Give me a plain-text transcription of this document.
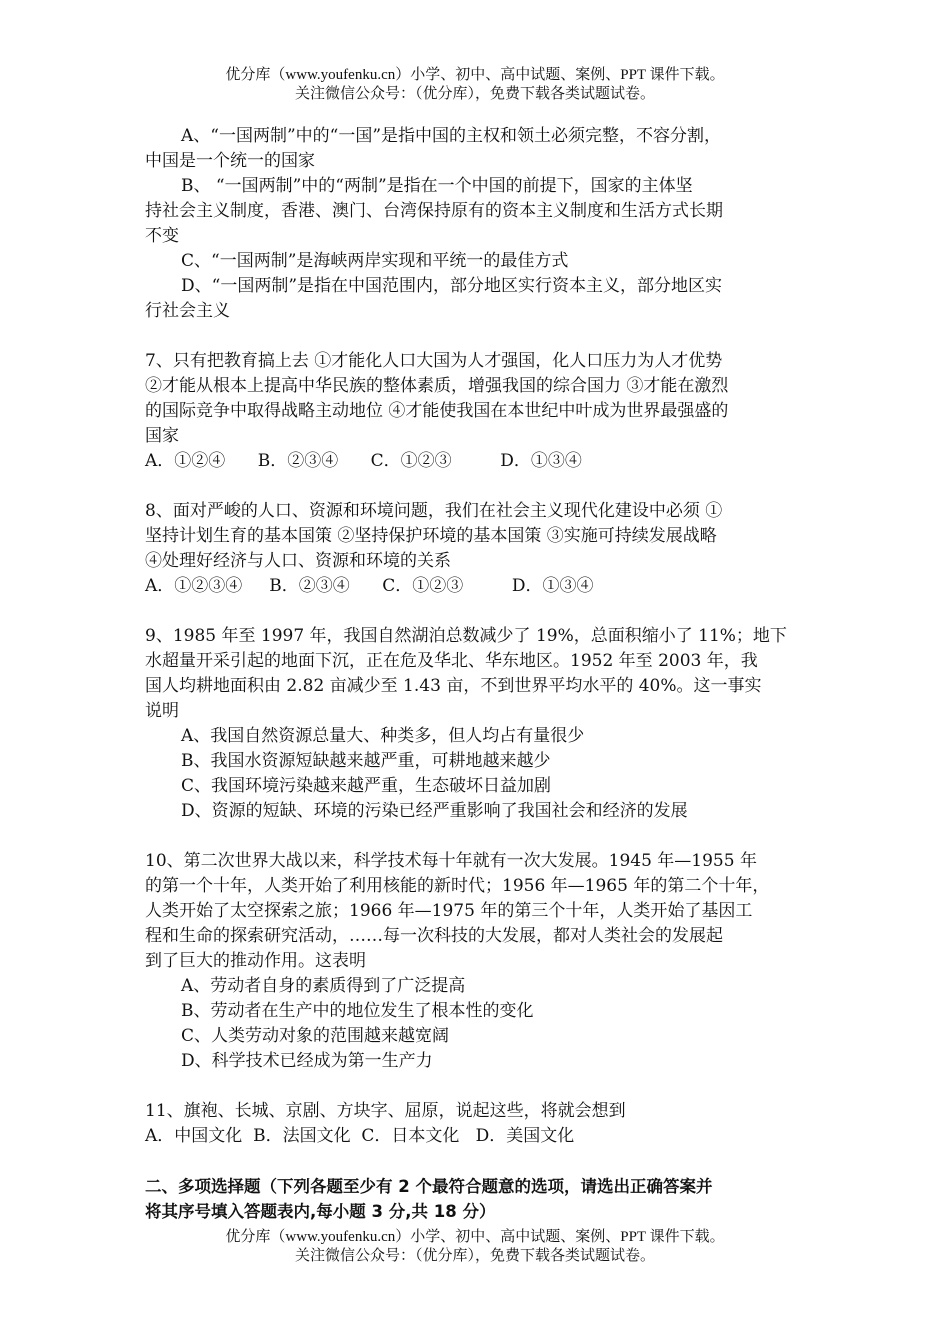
优分库（www.youfenku.cn）小学、初中、高中试题、案例、PPT 课件下载。
关注微信公众号：（优分库），免费下载各类试题试卷。

A、“一国两制”中的“一国”是指中国的主权和领土必须完整，不容分割，

中国是一个统一的国家

B、 “一国两制”中的“两制”是指在一个中国的前提下，国家的主体坚

持社会主义制度，香港、澳门、台湾保持原有的资本主义制度和生活方式长期

不变

C、“一国两制”是海峡两岸实现和平统一的最佳方式

D、“一国两制”是指在中国范围内，部分地区实行资本主义，部分地区实

行社会主义

7、只有把教育搞上去 ①才能化人口大国为人才强国，化人口压力为人才优势

②才能从根本上提高中华民族的整体素质，增强我国的综合国力 ③才能在激烈

的国际竞争中取得战略主动地位 ④才能使我国在本世纪中叶成为世界最强盛的

国家

A．①②④      B．②③④      C．①②③         D．①③④

8、面对严峻的人口、资源和环境问题，我们在社会主义现代化建设中必须 ①

坚持计划生育的基本国策 ②坚持保护环境的基本国策 ③实施可持续发展战略

④处理好经济与人口、资源和环境的关系

A．①②③④     B．②③④      C．①②③         D．①③④

9、1985 年至 1997 年，我国自然湖泊总数减少了 19%，总面积缩小了 11%；地下

水超量开采引起的地面下沉，正在危及华北、华东地区。1952 年至 2003 年，我

国人均耕地面积由 2.82 亩减少至 1.43 亩，不到世界平均水平的 40%。这一事实

说明

A、我国自然资源总量大、种类多，但人均占有量很少

B、我国水资源短缺越来越严重，可耕地越来越少

C、我国环境污染越来越严重，生态破坏日益加剧

D、资源的短缺、环境的污染已经严重影响了我国社会和经济的发展

10、第二次世界大战以来，科学技术每十年就有一次大发展。1945 年—1955 年

的第一个十年，人类开始了利用核能的新时代；1956 年—1965 年的第二个十年，

人类开始了太空探索之旅；1966 年—1975 年的第三个十年，人类开始了基因工

程和生命的探索研究活动，……每一次科技的大发展，都对人类社会的发展起

到了巨大的推动作用。这表明

A、劳动者自身的素质得到了广泛提高

B、劳动者在生产中的地位发生了根本性的变化

C、人类劳动对象的范围越来越宽阔

D、科学技术已经成为第一生产力

11、旗袍、长城、京剧、方块字、屈原，说起这些，将就会想到

A．中国文化  B．法国文化  C．日本文化   D．美国文化

二、多项选择题（下列各题至少有 2 个最符合题意的选项，请选出正确答案并

将其序号填入答题表内,每小题 3 分,共 18 分）

优分库（www.youfenku.cn）小学、初中、高中试题、案例、PPT 课件下载。
关注微信公众号：（优分库），免费下载各类试题试卷。
